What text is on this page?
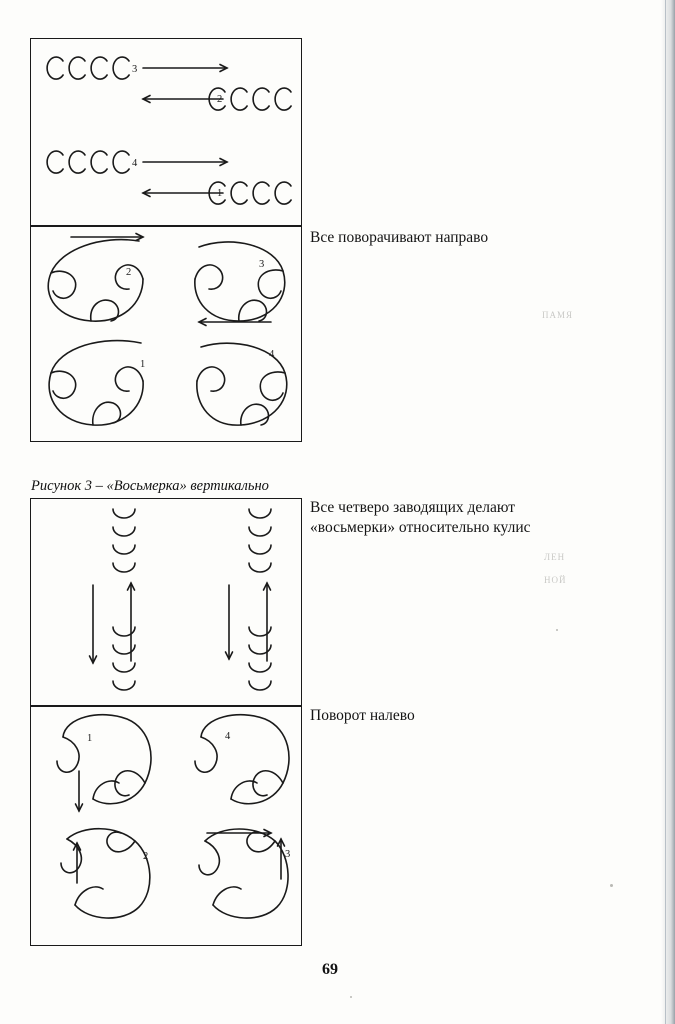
ПАМЯ
ЛЕН
НОЙ
3
2
4
1
2
3
1
4
Все поворачивают направо
Рисунок 3 – «Восьмерка» вертикально
Все четверо заводящих делают «восьмерки» относительно кулис
1	4
2	3
Поворот налево
69
